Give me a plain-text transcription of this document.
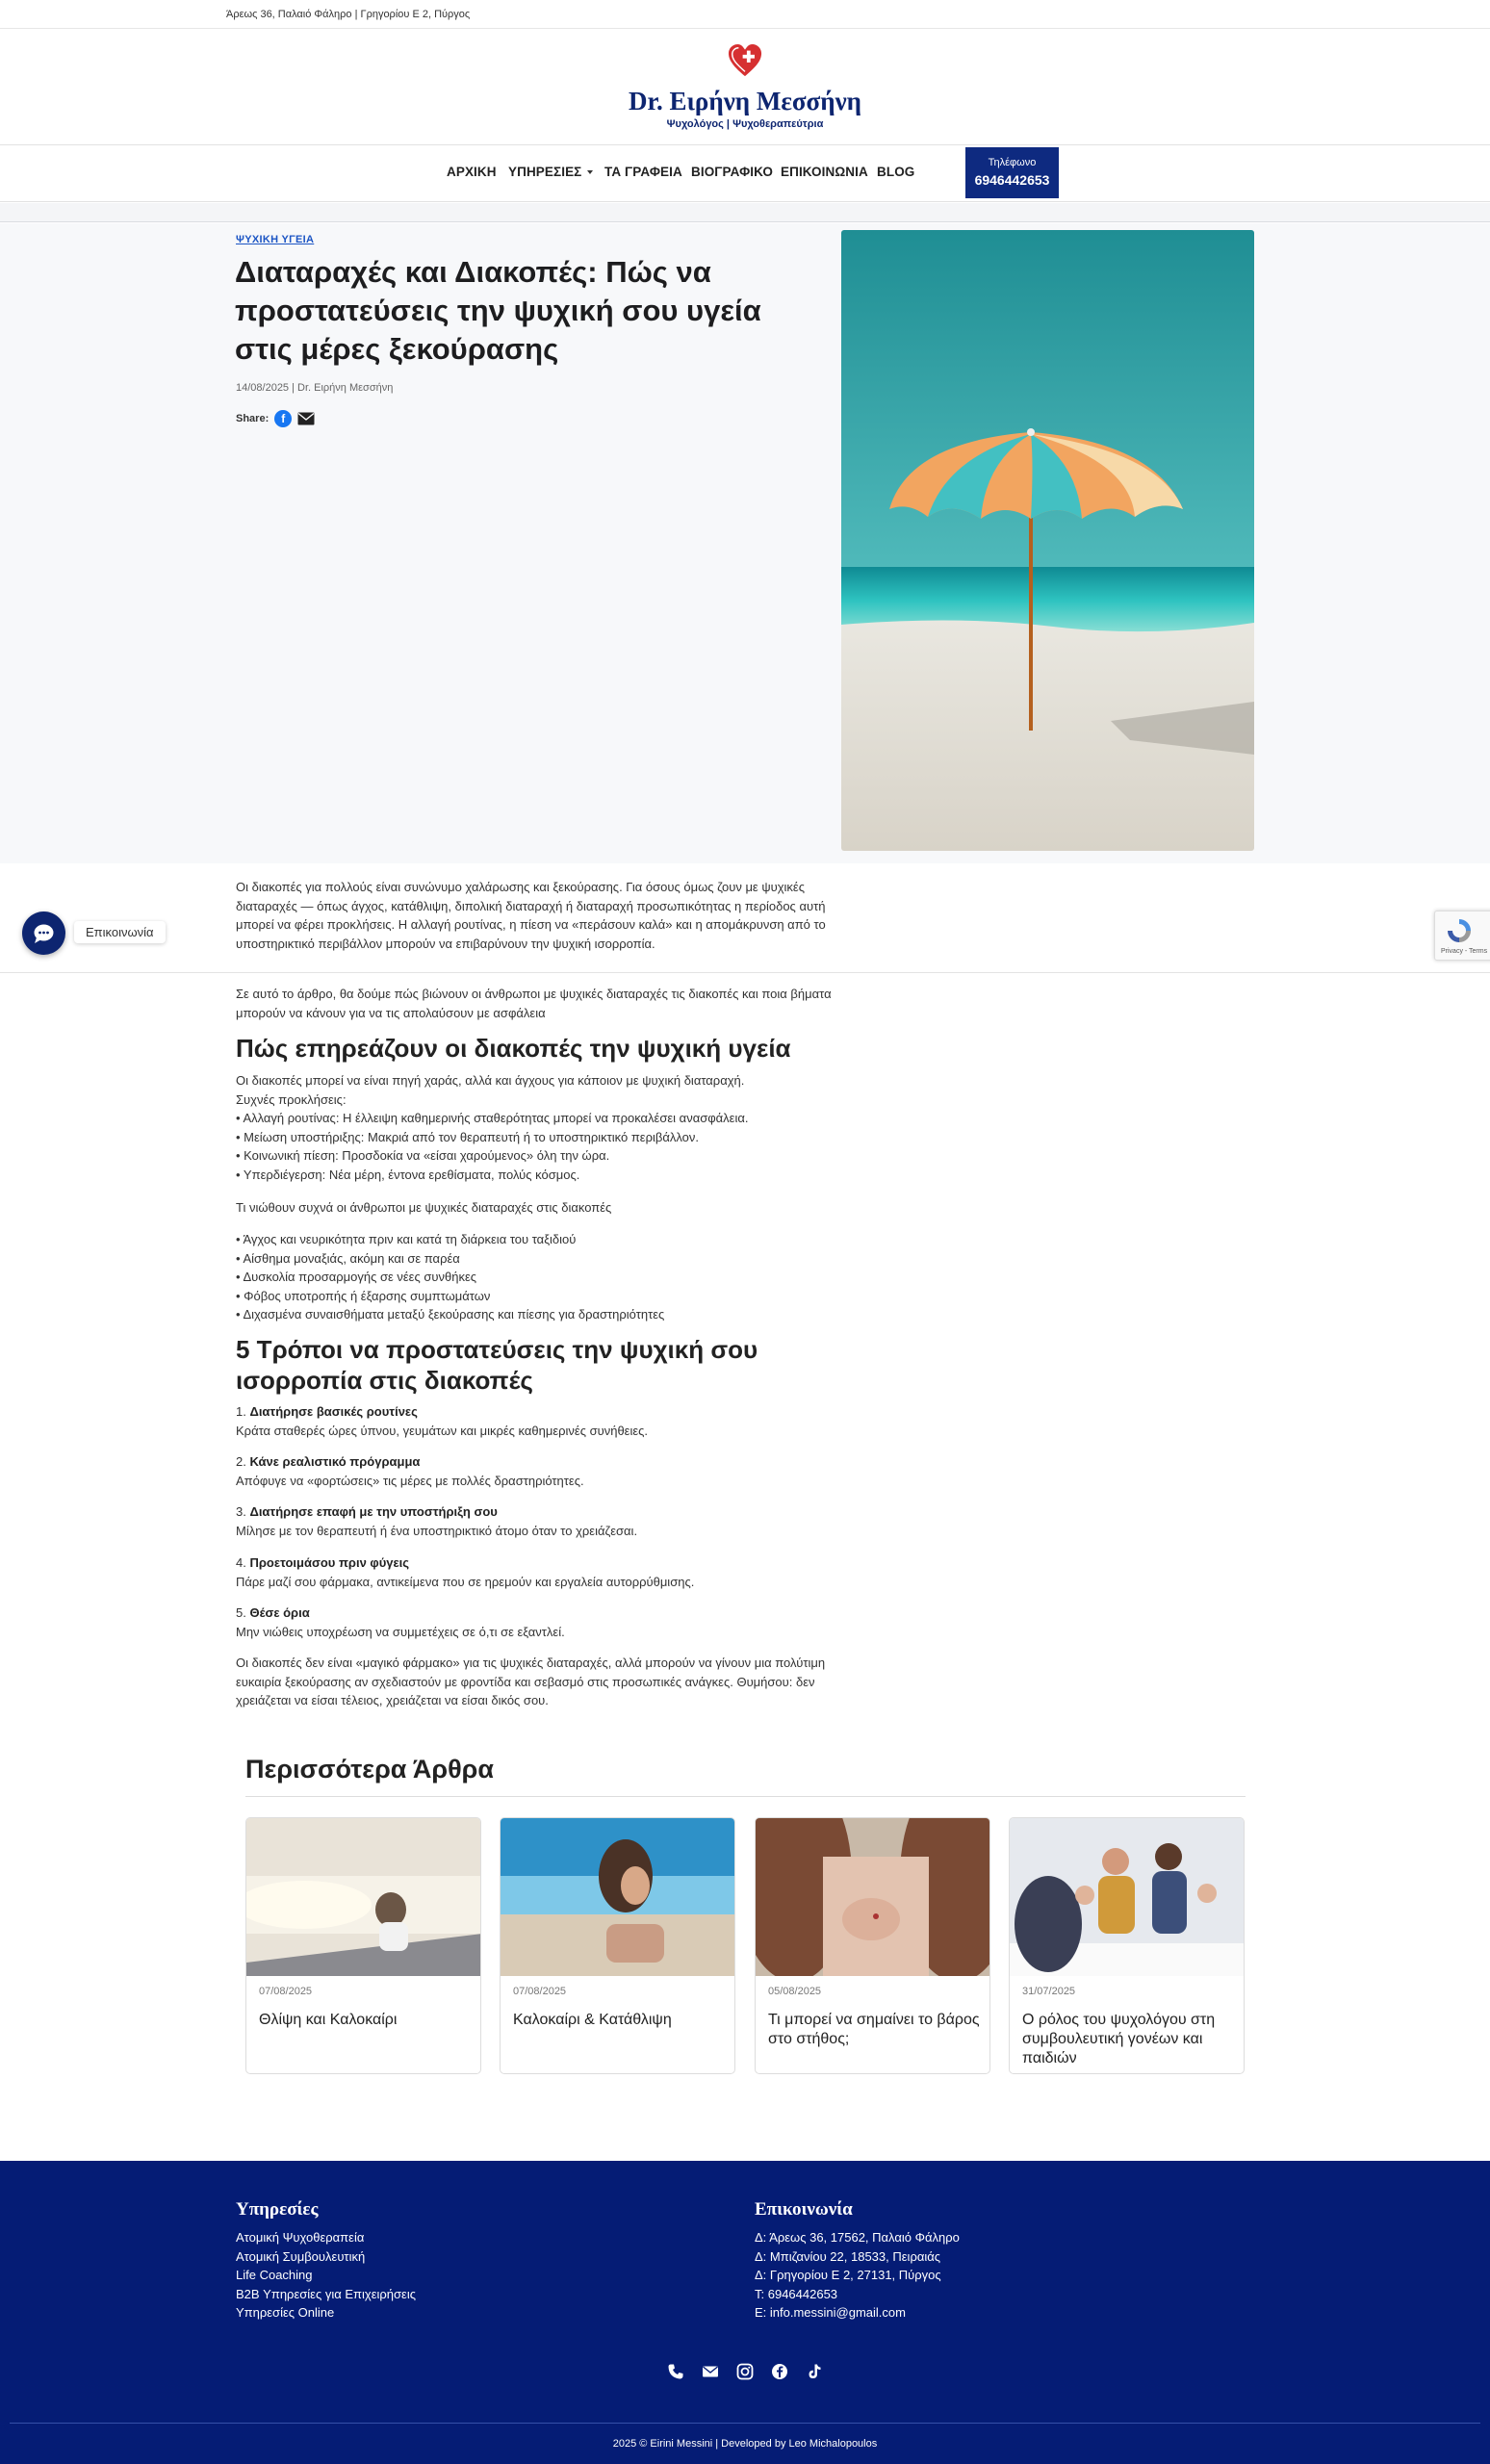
Άρεως 36, Παλαιό Φάληρο | Γρηγορίου Ε 2, Πύργος
Dr. Ειρήνη Μεσσήνη
Ψυχολόγος | Ψυχοθεραπεύτρια
ΑΡΧΙΚΗ ΥΠΗΡΕΣΙΕΣ	ΤΑ ΓΡΑΦΕΙΑ ΒΙΟΓΡΑΦΙΚΟ ΕΠΙΚΟΙΝΩΝΙΑ BLOG
Τηλέφωνο
6946442653
ΨΥΧΙΚΗ ΥΓΕΙΑ
Διαταραχές και Διακοπές: Πώς να προστατεύσεις την ψυχική σου υγεία στις μέρες ξεκούρασης
14/08/2025 | Dr. Ειρήνη Μεσσήνη
Share:	f
Οι διακοπές για πολλούς είναι συνώνυμο χαλάρωσης και ξεκούρασης. Για όσους όμως ζουν με ψυχικές διαταραχές — όπως άγχος, κατάθλιψη, διπολική διαταραχή ή διαταραχή προσωπικότητας η περίοδος αυτή μπορεί να φέρει προκλήσεις. Η αλλαγή ρουτίνας, η πίεση να «περάσουν καλά» και η απομάκρυνση από το υποστηρικτικό περιβάλλον μπορούν να επιβαρύνουν την ψυχική ισορροπία.
Σε αυτό το άρθρο, θα δούμε πώς βιώνουν οι άνθρωποι με ψυχικές διαταραχές τις διακοπές και ποια βήματα μπορούν να κάνουν για να τις απολαύσουν με ασφάλεια
Πώς επηρεάζουν οι διακοπές την ψυχική υγεία
Οι διακοπές μπορεί να είναι πηγή χαράς, αλλά και άγχους για κάποιον με ψυχική διαταραχή.
Συχνές προκλήσεις:
• Αλλαγή ρουτίνας: Η έλλειψη καθημερινής σταθερότητας μπορεί να προκαλέσει ανασφάλεια.
• Μείωση υποστήριξης: Μακριά από τον θεραπευτή ή το υποστηρικτικό περιβάλλον.
• Κοινωνική πίεση: Προσδοκία να «είσαι χαρούμενος» όλη την ώρα.
• Υπερδιέγερση: Νέα μέρη, έντονα ερεθίσματα, πολύς κόσμος.
Τι νιώθουν συχνά οι άνθρωποι με ψυχικές διαταραχές στις διακοπές
• Άγχος και νευρικότητα πριν και κατά τη διάρκεια του ταξιδιού
• Αίσθημα μοναξιάς, ακόμη και σε παρέα
• Δυσκολία προσαρμογής σε νέες συνθήκες
• Φόβος υποτροπής ή έξαρσης συμπτωμάτων
• Διχασμένα συναισθήματα μεταξύ ξεκούρασης και πίεσης για δραστηριότητες
5 Τρόποι να προστατεύσεις την ψυχική σου ισορροπία στις διακοπές
1. Διατήρησε βασικές ρουτίνες
Κράτα σταθερές ώρες ύπνου, γευμάτων και μικρές καθημερινές συνήθειες.
2. Κάνε ρεαλιστικό πρόγραμμα
Απόφυγε να «φορτώσεις» τις μέρες με πολλές δραστηριότητες.
3. Διατήρησε επαφή με την υποστήριξη σου
Μίλησε με τον θεραπευτή ή ένα υποστηρικτικό άτομο όταν το χρειάζεσαι.
4. Προετοιμάσου πριν φύγεις
Πάρε μαζί σου φάρμακα, αντικείμενα που σε ηρεμούν και εργαλεία αυτορρύθμισης.
5. Θέσε όρια
Μην νιώθεις υποχρέωση να συμμετέχεις σε ό,τι σε εξαντλεί.
Οι διακοπές δεν είναι «μαγικό φάρμακο» για τις ψυχικές διαταραχές, αλλά μπορούν να γίνουν μια πολύτιμη ευκαιρία ξεκούρασης αν σχεδιαστούν με φροντίδα και σεβασμό στις προσωπικές ανάγκες. Θυμήσου: δεν χρειάζεται να είσαι τέλειος, χρειάζεται να είσαι δικός σου.
Επικοινωνία
Privacy - Terms
Περισσότερα Άρθρα
07/08/2025
Θλίψη και Καλοκαίρι
07/08/2025
Καλοκαίρι & Κατάθλιψη
05/08/2025
Τι μπορεί να σημαίνει το βάρος στο στήθος;
31/07/2025
Ο ρόλος του ψυχολόγου στη συμβουλευτική γονέων και παιδιών
Υπηρεσίες
Ατομική Ψυχοθεραπεία
Ατομική Συμβουλευτική
Life Coaching
B2B Υπηρεσίες για Επιχειρήσεις
Υπηρεσίες Online
Επικοινωνία
Δ: Άρεως 36, 17562, Παλαιό Φάληρο
Δ: Μπιζανίου 22, 18533, Πειραιάς
Δ: Γρηγορίου Ε 2, 27131, Πύργος
Τ: 6946442653
Ε: info.messini@gmail.com
2025 © Eirini Messini | Developed by Leo Michalopoulos
